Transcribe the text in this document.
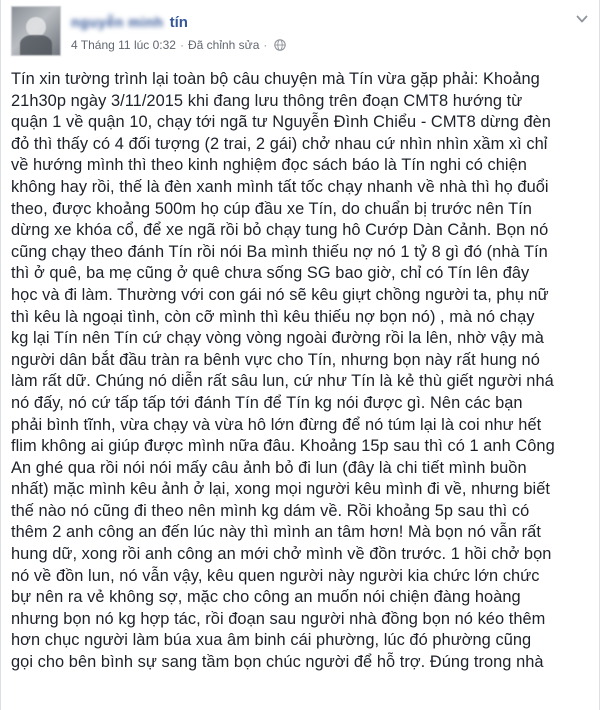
nguyễn minh tín
4 Tháng 11 lúc 0:32 · Đã chỉnh sửa ·
Tín xin tường trình lại toàn bộ câu chuyện mà Tín vừa gặp phải: Khoảng
21h30p ngày 3/11/2015 khi đang lưu thông trên đoạn CMT8 hướng từ
quận 1 về quận 10, chạy tới ngã tư Nguyễn Đình Chiểu - CMT8 dừng đèn
đỏ thì thấy có 4 đối tượng (2 trai, 2 gái) chở nhau cứ nhìn nhìn xầm xì chỉ
về hướng mình thì theo kinh nghiệm đọc sách báo là Tín nghi có chiện
không hay rồi, thế là đèn xanh mình tất tốc chạy nhanh về nhà thì họ đuổi
theo, được khoảng 500m họ cúp đầu xe Tín, do chuẩn bị trước nên Tín
dừng xe khóa cổ, để xe ngã rồi bỏ chạy tung hô Cướp Dàn Cảnh. Bọn nó
cũng chạy theo đánh Tín rồi nói Ba mình thiếu nợ nó 1 tỷ 8 gì đó (nhà Tín
thì ở quê, ba mẹ cũng ở quê chưa sống SG bao giờ, chỉ có Tín lên đây
học và đi làm. Thường với con gái nó sẽ kêu giựt chồng người ta, phụ nữ
thì kêu là ngoại tình, còn cỡ mình thì kêu thiếu nợ bọn nó) , mà nó chạy
kg lại Tín nên Tín cứ chạy vòng vòng ngoài đường rồi la lên, nhờ vậy mà
người dân bắt đầu tràn ra bênh vực cho Tín, nhưng bọn này rất hung nó
làm rất dữ. Chúng nó diễn rất sâu lun, cứ như Tín là kẻ thù giết người nhá
nó đấy, nó cứ tấp tấp tới đánh Tín để Tín kg nói được gì. Nên các bạn
phải bình tĩnh, vừa chạy và vừa hô lớn đừng để nó túm lại là coi như hết
flim không ai giúp được mình nữa đâu. Khoảng 15p sau thì có 1 anh Công
An ghé qua rồi nói nói mấy câu ảnh bỏ đi lun (đây là chi tiết mình buồn
nhất) mặc mình kêu ảnh ở lại, xong mọi người kêu mình đi về, nhưng biết
thế nào nó cũng đi theo nên mình kg dám về. Rồi khoảng 5p sau thì có
thêm 2 anh công an đến lúc này thì mình an tâm hơn! Mà bọn nó vẫn rất
hung dữ, xong rồi anh công an mới chở mình về đồn trước. 1 hồi chở bọn
nó về đồn lun, nó vẫn vậy, kêu quen người này người kia chức lớn chức
bự nên ra vẻ không sợ, mặc cho công an muốn nói chiện đàng hoàng
nhưng bọn nó kg hợp tác, rồi đoạn sau người nhà đồng bọn nó kéo thêm
hơn chục người làm búa xua âm binh cái phường, lúc đó phường cũng
gọi cho bên bình sự sang tầm bọn chúc người để hỗ trợ. Đúng trong nhà
